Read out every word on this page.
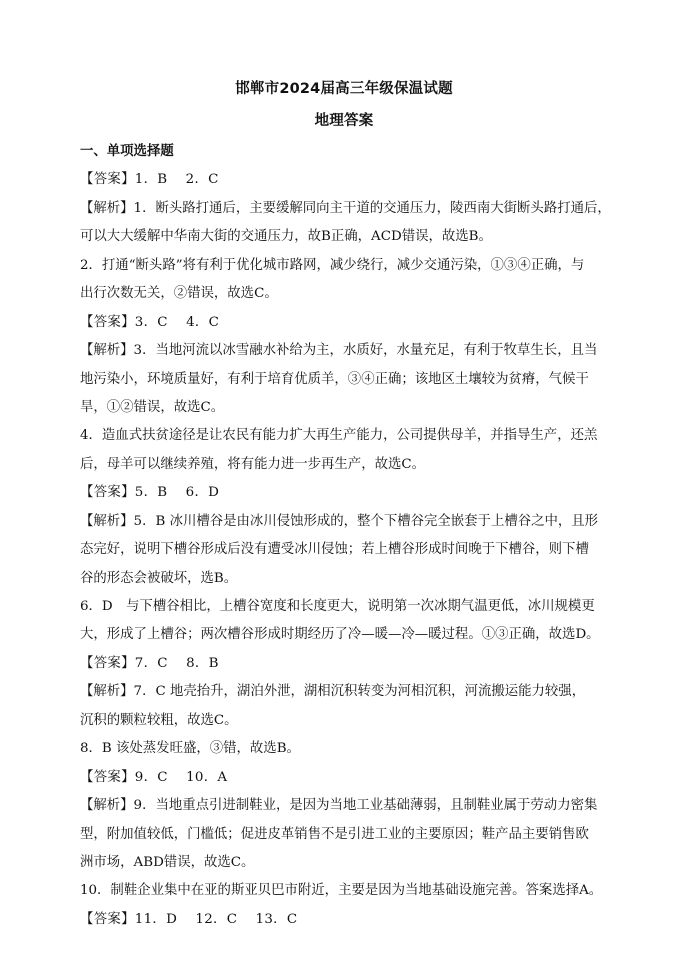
邯郸市2024届高三年级保温试题
地理答案
一、单项选择题
【答案】1．B　 2．C
【解析】1．断头路打通后，主要缓解同向主干道的交通压力，陵西南大街断头路打通后，
可以大大缓解中华南大街的交通压力，故B正确，ACD错误，故选B。
2．打通“断头路”将有利于优化城市路网，减少绕行，减少交通污染，①③④正确，与
出行次数无关，②错误，故选C。
【答案】3．C　 4．C
【解析】3．当地河流以冰雪融水补给为主，水质好，水量充足，有利于牧草生长，且当
地污染小，环境质量好，有利于培育优质羊，③④正确；该地区土壤较为贫瘠，气候干
旱，①②错误，故选C。
4．造血式扶贫途径是让农民有能力扩大再生产能力，公司提供母羊，并指导生产，还羔
后，母羊可以继续养殖，将有能力进一步再生产，故选C。
【答案】5．B　 6．D
【解析】5．B 冰川槽谷是由冰川侵蚀形成的，整个下槽谷完全嵌套于上槽谷之中，且形
态完好，说明下槽谷形成后没有遭受冰川侵蚀；若上槽谷形成时间晚于下槽谷，则下槽
谷的形态会被破坏，选B。
6．D　与下槽谷相比，上槽谷宽度和长度更大，说明第一次冰期气温更低，冰川规模更
大，形成了上槽谷；两次槽谷形成时期经历了冷—暖—冷—暖过程。①③正确，故选D。
【答案】7．C　 8．B
【解析】7．C 地壳抬升，湖泊外泄，湖相沉积转变为河相沉积，河流搬运能力较强，
沉积的颗粒较粗，故选C。
8．B 该处蒸发旺盛，③错，故选B。
【答案】9．C　 10．A
【解析】9．当地重点引进制鞋业，是因为当地工业基础薄弱，且制鞋业属于劳动力密集
型，附加值较低，门槛低；促进皮革销售不是引进工业的主要原因；鞋产品主要销售欧
洲市场，ABD错误，故选C。
10．制鞋企业集中在亚的斯亚贝巴市附近，主要是因为当地基础设施完善。答案选择A。
【答案】11．D　 12．C　 13．C
